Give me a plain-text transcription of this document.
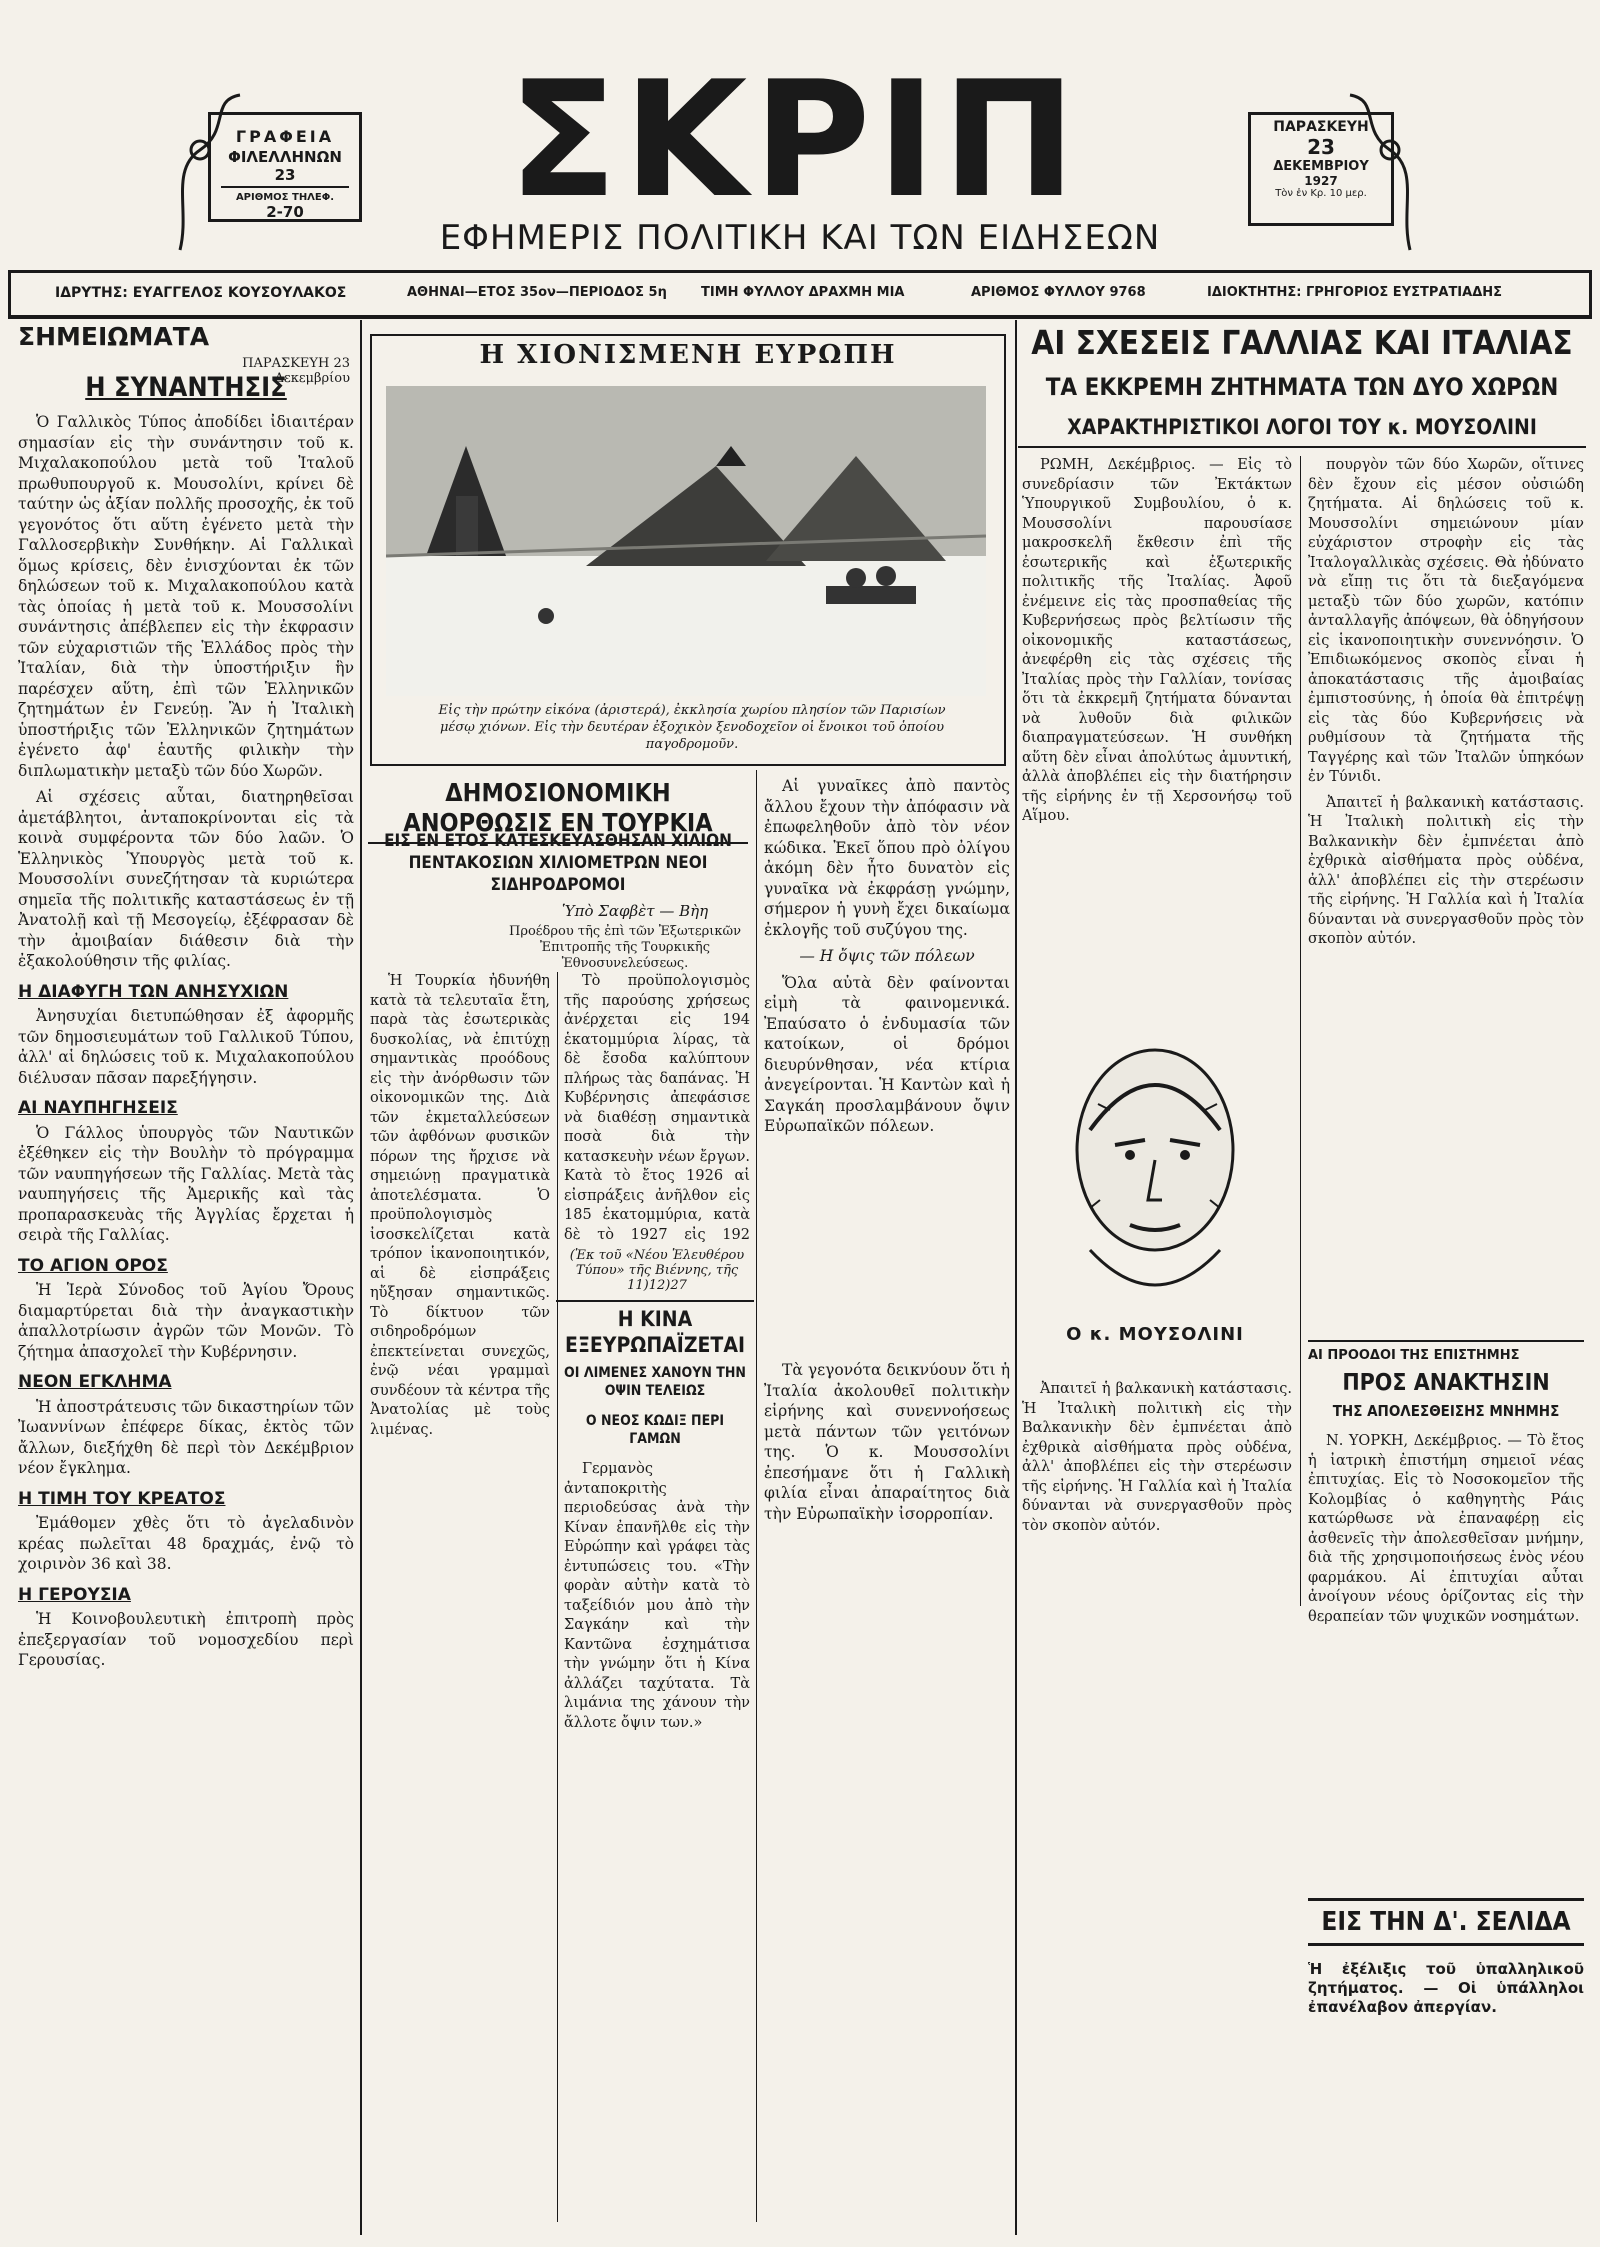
ΓΡΑΦΕΙΑ
ΦΙΛΕΛΛΗΝΩΝ 23
ΑΡΙΘΜΟΣ ΤΗΛΕΦ.
2-70	ΣΚΡΙΠ
ΕΦΗΜΕΡΙΣ ΠΟΛΙΤΙΚΗ ΚΑΙ ΤΩΝ ΕΙΔΗΣΕΩΝ
ΠΑΡΑΣΚΕΥΗ
23
ΔΕΚΕΜΒΡΙΟΥ
1927
Τὸν ἐν Κρ. 10 μερ.
ΙΔΡΥΤΗΣ: ΕΥΑΓΓΕΛΟΣ ΚΟΥΣΟΥΛΑΚΟΣ	ΑΘΗΝΑΙ—ΕΤΟΣ 35ον—ΠΕΡΙΟΔΟΣ 5η	ΤΙΜΗ ΦΥΛΛΟΥ ΔΡΑΧΜΗ ΜΙΑ	ΑΡΙΘΜΟΣ ΦΥΛΛΟΥ 9768	ΙΔΙΟΚΤΗΤΗΣ: ΓΡΗΓΟΡΙΟΣ ΕΥΣΤΡΑΤΙΑΔΗΣ
ΣΗΜΕΙΩΜΑΤΑ
ΠΑΡΑΣΚΕΥΗ 23 Δεκεμβρίου
Η ΣΥΝΑΝΤΗΣΙΣ

Ὁ Γαλλικὸς Τύπος ἀποδίδει ἰδιαιτέραν σημασίαν εἰς τὴν συνάντησιν τοῦ κ. Μιχαλακοπούλου μετὰ τοῦ Ἰταλοῦ πρωθυπουργοῦ κ. Μουσολίνι, κρίνει δὲ ταύτην ὡς ἀξίαν πολλῆς προσοχῆς, ἐκ τοῦ γεγονότος ὅτι αὕτη ἐγένετο μετὰ τὴν Γαλλοσερβικὴν Συνθήκην. Αἱ Γαλλικαὶ ὅμως κρίσεις, δὲν ἐνισχύονται ἐκ τῶν δηλώσεων τοῦ κ. Μιχαλακοπούλου κατὰ τὰς ὁποίας ἡ μετὰ τοῦ κ. Μουσσολίνι συνάντησις ἀπέβλεπεν εἰς τὴν ἐκφρασιν τῶν εὐχαριστιῶν τῆς Ἑλλάδος πρὸς τὴν Ἰταλίαν, διὰ τὴν ὑποστήριξιν ἣν παρέσχεν αὕτη, ἐπὶ τῶν Ἑλληνικῶν ζητημάτων ἐν Γενεύῃ. Ἂν ἡ Ἰταλικὴ ὑποστήριξις τῶν Ἑλληνικῶν ζητημάτων ἐγένετο ἀφ' ἑαυτῆς φιλικὴν τὴν διπλωματικὴν μεταξὺ τῶν δύο Χωρῶν.

Αἱ σχέσεις αὗται, διατηρηθεῖσαι ἀμετάβλητοι, ἀνταποκρίνονται εἰς τὰ κοινὰ συμφέροντα τῶν δύο λαῶν. Ὁ Ἑλληνικὸς Ὑπουργὸς μετὰ τοῦ κ. Μουσσολίνι συνεζήτησαν τὰ κυριώτερα σημεῖα τῆς πολιτικῆς καταστάσεως ἐν τῇ Ἀνατολῇ καὶ τῇ Μεσογείῳ, ἐξέφρασαν δὲ τὴν ἀμοιβαίαν διάθεσιν διὰ τὴν ἐξακολούθησιν τῆς φιλίας.

Η ΔΙΑΦΥΓΗ ΤΩΝ ΑΝΗΣΥΧΙΩΝ

Ἀνησυχίαι διετυπώθησαν ἐξ ἀφορμῆς τῶν δημοσιευμάτων τοῦ Γαλλικοῦ Τύπου, ἀλλ' αἱ δηλώσεις τοῦ κ. Μιχαλακοπούλου διέλυσαν πᾶσαν παρεξήγησιν.

ΑΙ ΝΑΥΠΗΓΗΣΕΙΣ

Ὁ Γάλλος ὑπουργὸς τῶν Ναυτικῶν ἐξέθηκεν εἰς τὴν Βουλὴν τὸ πρόγραμμα τῶν ναυπηγήσεων τῆς Γαλλίας. Μετὰ τὰς ναυπηγήσεις τῆς Ἀμερικῆς καὶ τὰς προπαρασκευὰς τῆς Ἀγγλίας ἔρχεται ἡ σειρὰ τῆς Γαλλίας.

ΤΟ ΑΓΙΟΝ ΟΡΟΣ

Ἡ Ἱερὰ Σύνοδος τοῦ Ἁγίου Ὄρους διαμαρτύρεται διὰ τὴν ἀναγκαστικὴν ἀπαλλοτρίωσιν ἀγρῶν τῶν Μονῶν. Τὸ ζήτημα ἀπασχολεῖ τὴν Κυβέρνησιν.

ΝΕΟΝ ΕΓΚΛΗΜΑ

Ἡ ἀποστράτευσις τῶν δικαστηρίων τῶν Ἰωαννίνων ἐπέφερε δίκας, ἐκτὸς τῶν ἄλλων, διεξήχθη δὲ περὶ τὸν Δεκέμβριον νέον ἔγκλημα.

Η ΤΙΜΗ ΤΟΥ ΚΡΕΑΤΟΣ

Ἐμάθομεν χθὲς ὅτι τὸ ἀγελαδινὸν κρέας πωλεῖται 48 δραχμάς, ἐνῷ τὸ χοιρινὸν 36 καὶ 38.

Η ΓΕΡΟΥΣΙΑ

Ἡ Κοινοβουλευτικὴ ἐπιτροπὴ πρὸς ἐπεξεργασίαν τοῦ νομοσχεδίου περὶ Γερουσίας.

Η ΧΙΟΝΙΣΜΕΝΗ ΕΥΡΩΠΗ
Εἰς τὴν πρώτην εἰκόνα (ἀριστερά), ἐκκλησία χωρίου πλησίον τῶν Παρισίων μέσῳ χιόνων. Εἰς τὴν δευτέραν ἐξοχικὸν ξενοδοχεῖον οἱ ἔνοικοι τοῦ ὁποίου παγοδρομοῦν.
ΔΗΜΟΣΙΟΝΟΜΙΚΗ ΑΝΟΡΘΩΣΙΣ ΕΝ ΤΟΥΡΚΙΑ
ΕΙΣ ΕΝ ΕΤΟΣ ΚΑΤΕΣΚΕΥΑΣΘΗΣΑΝ ΧΙΛΙΩΝ ΠΕΝΤΑΚΟΣΙΩΝ ΧΙΛΙΟΜΕΤΡΩΝ ΝΕΟΙ ΣΙΔΗΡΟΔΡΟΜΟΙ
Ὑπὸ Σαφβὲτ — Βὴη
Προέδρου τῆς ἐπὶ τῶν Ἐξωτερικῶν Ἐπιτροπῆς τῆς Τουρκικῆς Ἐθνοσυνελεύσεως.

Ἡ Τουρκία ἠδυνήθη κατὰ τὰ τελευταῖα ἔτη, παρὰ τὰς ἐσωτερικὰς δυσκολίας, νὰ ἐπιτύχῃ σημαντικὰς προόδους εἰς τὴν ἀνόρθωσιν τῶν οἰκονομικῶν της. Διὰ τῶν ἐκμεταλλεύσεων τῶν ἀφθόνων φυσικῶν πόρων της ἤρχισε νὰ σημειώνῃ πραγματικὰ ἀποτελέσματα. Ὁ προϋπολογισμὸς ἰσοσκελίζεται κατὰ τρόπον ἱκανοποιητικόν, αἱ δὲ εἰσπράξεις ηὔξησαν σημαντικῶς. Τὸ δίκτυον τῶν σιδηροδρόμων ἐπεκτείνεται συνεχῶς, ἐνῷ νέαι γραμμαὶ συνδέουν τὰ κέντρα τῆς Ἀνατολίας μὲ τοὺς λιμένας.

Τὸ προϋπολογισμὸς τῆς παρούσης χρήσεως ἀνέρχεται εἰς 194 ἑκατομμύρια λίρας, τὰ δὲ ἔσοδα καλύπτουν πλήρως τὰς δαπάνας. Ἡ Κυβέρνησις ἀπεφάσισε νὰ διαθέσῃ σημαντικὰ ποσὰ διὰ τὴν κατασκευὴν νέων ἔργων. Κατὰ τὸ ἔτος 1926 αἱ εἰσπράξεις ἀνῆλθον εἰς 185 ἑκατομμύρια, κατὰ δὲ τὸ 1927 εἰς 192

(Ἐκ τοῦ «Νέου Ἐλευθέρου Τύπου» τῆς Βιέννης, τῆς 11)12)27
Η ΚΙΝΑ ΕΞΕΥΡΩΠΑΪΖΕΤΑΙ
ΟΙ ΛΙΜΕΝΕΣ ΧΑΝΟΥΝ ΤΗΝ ΟΨΙΝ ΤΕΛΕΙΩΣ
Ο ΝΕΟΣ ΚΩΔΙΞ ΠΕΡΙ ΓΑΜΩΝ

Γερμανὸς ἀνταποκριτὴς περιοδεύσας ἀνὰ τὴν Κίναν ἐπανῆλθε εἰς τὴν Εὐρώπην καὶ γράφει τὰς ἐντυπώσεις του. «Τὴν φορὰν αὐτὴν κατὰ τὸ ταξείδιόν μου ἀπὸ τὴν Σαγκάην καὶ τὴν Καντῶνα ἐσχημάτισα τὴν γνώμην ὅτι ἡ Κίνα ἀλλάζει ταχύτατα. Τὰ λιμάνια της χάνουν τὴν ἄλλοτε ὄψιν των.»

Αἱ γυναῖκες ἀπὸ παντὸς ἄλλου ἔχουν τὴν ἀπόφασιν νὰ ἐπωφεληθοῦν ἀπὸ τὸν νέον κώδικα. Ἐκεῖ ὅπου πρὸ ὀλίγου ἀκόμη δὲν ἦτο δυνατὸν εἰς γυναῖκα νὰ ἐκφράσῃ γνώμην, σήμερον ἡ γυνὴ ἔχει δικαίωμα ἐκλογῆς τοῦ συζύγου της.

— Η ὄψις τῶν πόλεων

Ὅλα αὐτὰ δὲν φαίνονται εἰμὴ τὰ φαινομενικά. Ἐπαύσατο ὁ ἐνδυμασία τῶν κατοίκων, οἱ δρόμοι διευρύνθησαν, νέα κτίρια ἀνεγείρονται. Ἡ Καντὼν καὶ ἡ Σαγκάη προσλαμβάνουν ὄψιν Εὐρωπαϊκῶν πόλεων.

Ο κ. ΜΟΥΣΟΛΙΝΙ

Τὰ γεγονότα δεικνύουν ὅτι ἡ Ἰταλία ἀκολουθεῖ πολιτικὴν εἰρήνης καὶ συνεννοήσεως μετὰ πάντων τῶν γειτόνων της. Ὁ κ. Μουσσολίνι ἐπεσήμανε ὅτι ἡ Γαλλικὴ φιλία εἶναι ἀπαραίτητος διὰ τὴν Εὐρωπαϊκὴν ἰσορροπίαν.

ΑΙ ΣΧΕΣΕΙΣ ΓΑΛΛΙΑΣ ΚΑΙ ΙΤΑΛΙΑΣ
ΤΑ ΕΚΚΡΕΜΗ ΖΗΤΗΜΑΤΑ ΤΩΝ ΔΥΟ ΧΩΡΩΝ
ΧΑΡΑΚΤΗΡΙΣΤΙΚΟΙ ΛΟΓΟΙ ΤΟΥ κ. ΜΟΥΣΟΛΙΝΙ

ΡΩΜΗ, Δεκέμβριος. — Εἰς τὸ συνεδρίασιν τῶν Ἐκτάκτων Ὑπουργικοῦ Συμβουλίου, ὁ κ. Μουσσολίνι παρουσίασε μακροσκελῆ ἔκθεσιν ἐπὶ τῆς ἐσωτερικῆς καὶ ἐξωτερικῆς πολιτικῆς τῆς Ἰταλίας. Ἀφοῦ ἐνέμεινε εἰς τὰς προσπαθείας τῆς Κυβερνήσεως πρὸς βελτίωσιν τῆς οἰκονομικῆς καταστάσεως, ἀνεφέρθη εἰς τὰς σχέσεις τῆς Ἰταλίας πρὸς τὴν Γαλλίαν, τονίσας ὅτι τὰ ἐκκρεμῆ ζητήματα δύνανται νὰ λυθοῦν διὰ φιλικῶν διαπραγματεύσεων. Ἡ συνθήκη αὕτη δὲν εἶναι ἀπολύτως ἀμυντική, ἀλλὰ ἀποβλέπει εἰς τὴν διατήρησιν τῆς εἰρήνης ἐν τῇ Χερσονήσῳ τοῦ Αἵμου.

πουργὸν τῶν δύο Χωρῶν, οἵτινες δὲν ἔχουν εἰς μέσον οὐσιώδη ζητήματα. Αἱ δηλώσεις τοῦ κ. Μουσσολίνι σημειώνουν μίαν εὐχάριστον στροφὴν εἰς τὰς Ἰταλογαλλικὰς σχέσεις. Θὰ ἠδύνατο νὰ εἴπῃ τις ὅτι τὰ διεξαγόμενα μεταξὺ τῶν δύο χωρῶν, κατόπιν ἀνταλλαγῆς ἀπόψεων, θὰ ὁδηγήσουν εἰς ἱκανοποιητικὴν συνεννόησιν. Ὁ Ἐπιδιωκόμενος σκοπὸς εἶναι ἡ ἀποκατάστασις τῆς ἀμοιβαίας ἐμπιστοσύνης, ἡ ὁποία θὰ ἐπιτρέψῃ εἰς τὰς δύο Κυβερνήσεις νὰ ρυθμίσουν τὰ ζητήματα τῆς Ταγγέρης καὶ τῶν Ἰταλῶν ὑπηκόων ἐν Τύνιδι.

Ἀπαιτεῖ ἡ βαλκανικὴ κατάστασις. Ἡ Ἰταλικὴ πολιτικὴ εἰς τὴν Βαλκανικὴν δὲν ἐμπνέεται ἀπὸ ἐχθρικὰ αἰσθήματα πρὸς οὐδένα, ἀλλ' ἀποβλέπει εἰς τὴν στερέωσιν τῆς εἰρήνης. Ἡ Γαλλία καὶ ἡ Ἰταλία δύνανται νὰ συνεργασθοῦν πρὸς τὸν σκοπὸν αὐτόν.

ΑΙ ΠΡΟΟΔΟΙ ΤΗΣ ΕΠΙΣΤΗΜΗΣ
ΠΡΟΣ ΑΝΑΚΤΗΣΙΝ
ΤΗΣ ΑΠΟΛΕΣΘΕΙΣΗΣ ΜΝΗΜΗΣ

Ν. ΥΟΡΚΗ, Δεκέμβριος. — Τὸ ἔτος ἡ ἰατρικὴ ἐπιστήμη σημειοῖ νέας ἐπιτυχίας. Εἰς τὸ Νοσοκομεῖον τῆς Κολομβίας ὁ καθηγητὴς Ράις κατώρθωσε νὰ ἐπαναφέρῃ εἰς ἀσθενεῖς τὴν ἀπολεσθεῖσαν μνήμην, διὰ τῆς χρησιμοποιήσεως ἑνὸς νέου φαρμάκου. Αἱ ἐπιτυχίαι αὗται ἀνοίγουν νέους ὁρίζοντας εἰς τὴν θεραπείαν τῶν ψυχικῶν νοσημάτων.

ΕΙΣ ΤΗΝ Δ'. ΣΕΛΙΔΑ
Ἡ ἐξέλιξις τοῦ ὑπαλληλικοῦ ζητήματος. — Οἱ ὑπάλληλοι ἐπανέλαβον ἀπεργίαν.

Ἀπαιτεῖ ἡ βαλκανικὴ κατάστασις. Ἡ Ἰταλικὴ πολιτικὴ εἰς τὴν Βαλκανικὴν δὲν ἐμπνέεται ἀπὸ ἐχθρικὰ αἰσθήματα πρὸς οὐδένα, ἀλλ' ἀποβλέπει εἰς τὴν στερέωσιν τῆς εἰρήνης. Ἡ Γαλλία καὶ ἡ Ἰταλία δύνανται νὰ συνεργασθοῦν πρὸς τὸν σκοπὸν αὐτόν.
